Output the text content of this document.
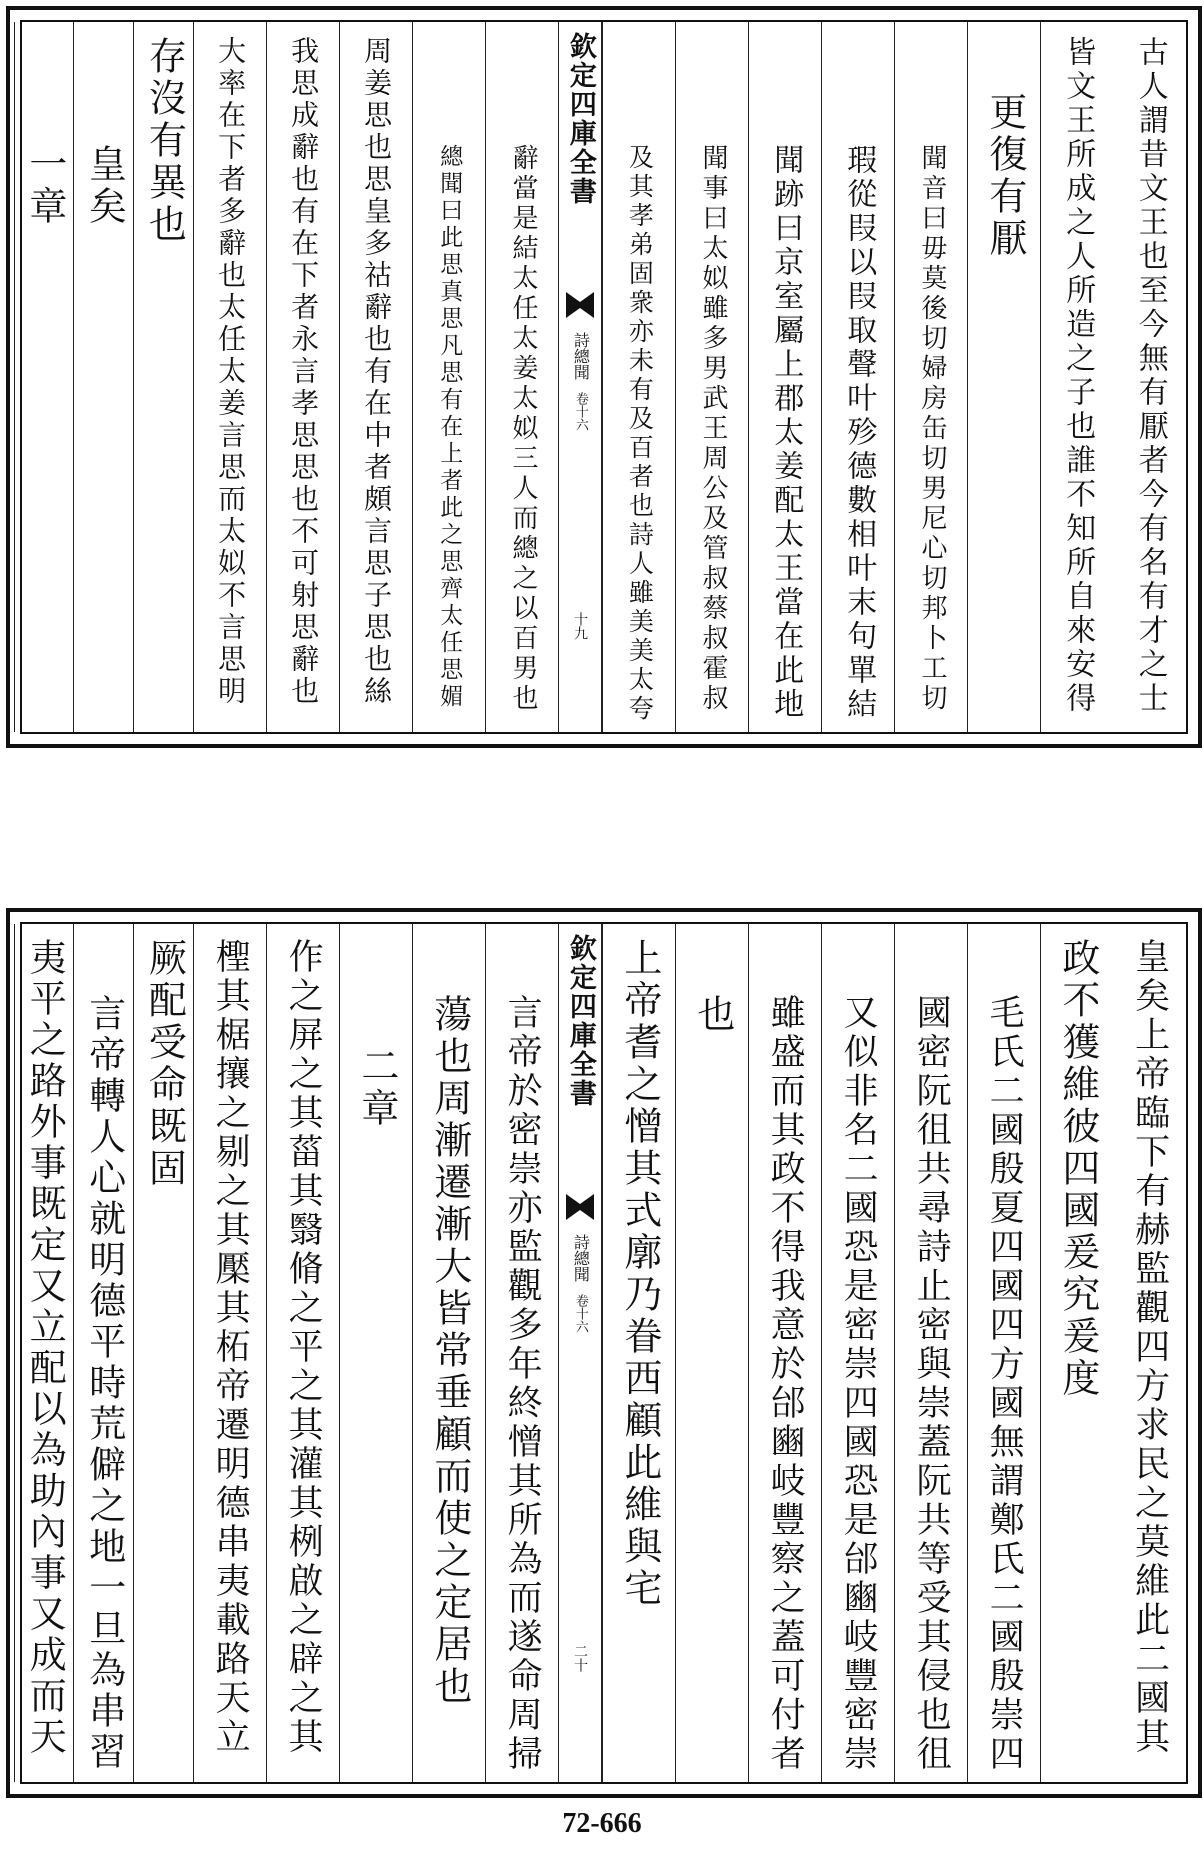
古人謂昔文王也至今無有厭者今有名有才之士
皆文王所成之人所造之子也誰不知所自來安得
更復有厭
聞音曰毋莫後切婦房缶切男尼心切邦卜工切
瑕從叚以叚取聲叶殄德數相叶末句單結
聞跡曰京室屬上郡太姜配太王當在此地
聞事曰太姒雖多男武王周公及管叔蔡叔霍叔
及其孝弟固衆亦未有及百者也詩人雖美美太夸
欽定四庫全書
詩總聞
卷十六
十九
辭當是結太任太姜太姒三人而總之以百男也
總聞曰此思真思凡思有在上者此之思齊太任思媚
周姜思也思皇多祜辭也有在中者頗言思子思也絲
我思成辭也有在下者永言孝思思也不可射思辭也
大率在下者多辭也太任太姜言思而太姒不言思明
存沒有異也
皇矣
一章
皇矣上帝臨下有赫監觀四方求民之莫維此二國其
政不獲維彼四國爰究爰度
毛氏二國殷夏四國四方國無謂鄭氏二國殷崇四
國密阮徂共尋詩止密與崇蓋阮共等受其侵也徂
又似非名二國恐是密崇四國恐是邰豳岐豐密崇
雖盛而其政不得我意於邰豳岐豐察之蓋可付者
也
上帝耆之憎其式廓乃眷西顧此維與宅
欽定四庫全書
詩總聞
卷十六
二十
言帝於密崇亦監觀多年終憎其所為而遂命周掃
蕩也周漸遷漸大皆常垂顧而使之定居也
二章
作之屏之其菑其翳脩之平之其灌其栵啟之辟之其
檉其椐攘之剔之其檿其柘帝遷明德串夷載路天立
厥配受命既固
言帝轉人心就明德平時荒僻之地一旦為串習
夷平之路外事既定又立配以為助內事又成而天
72-666
